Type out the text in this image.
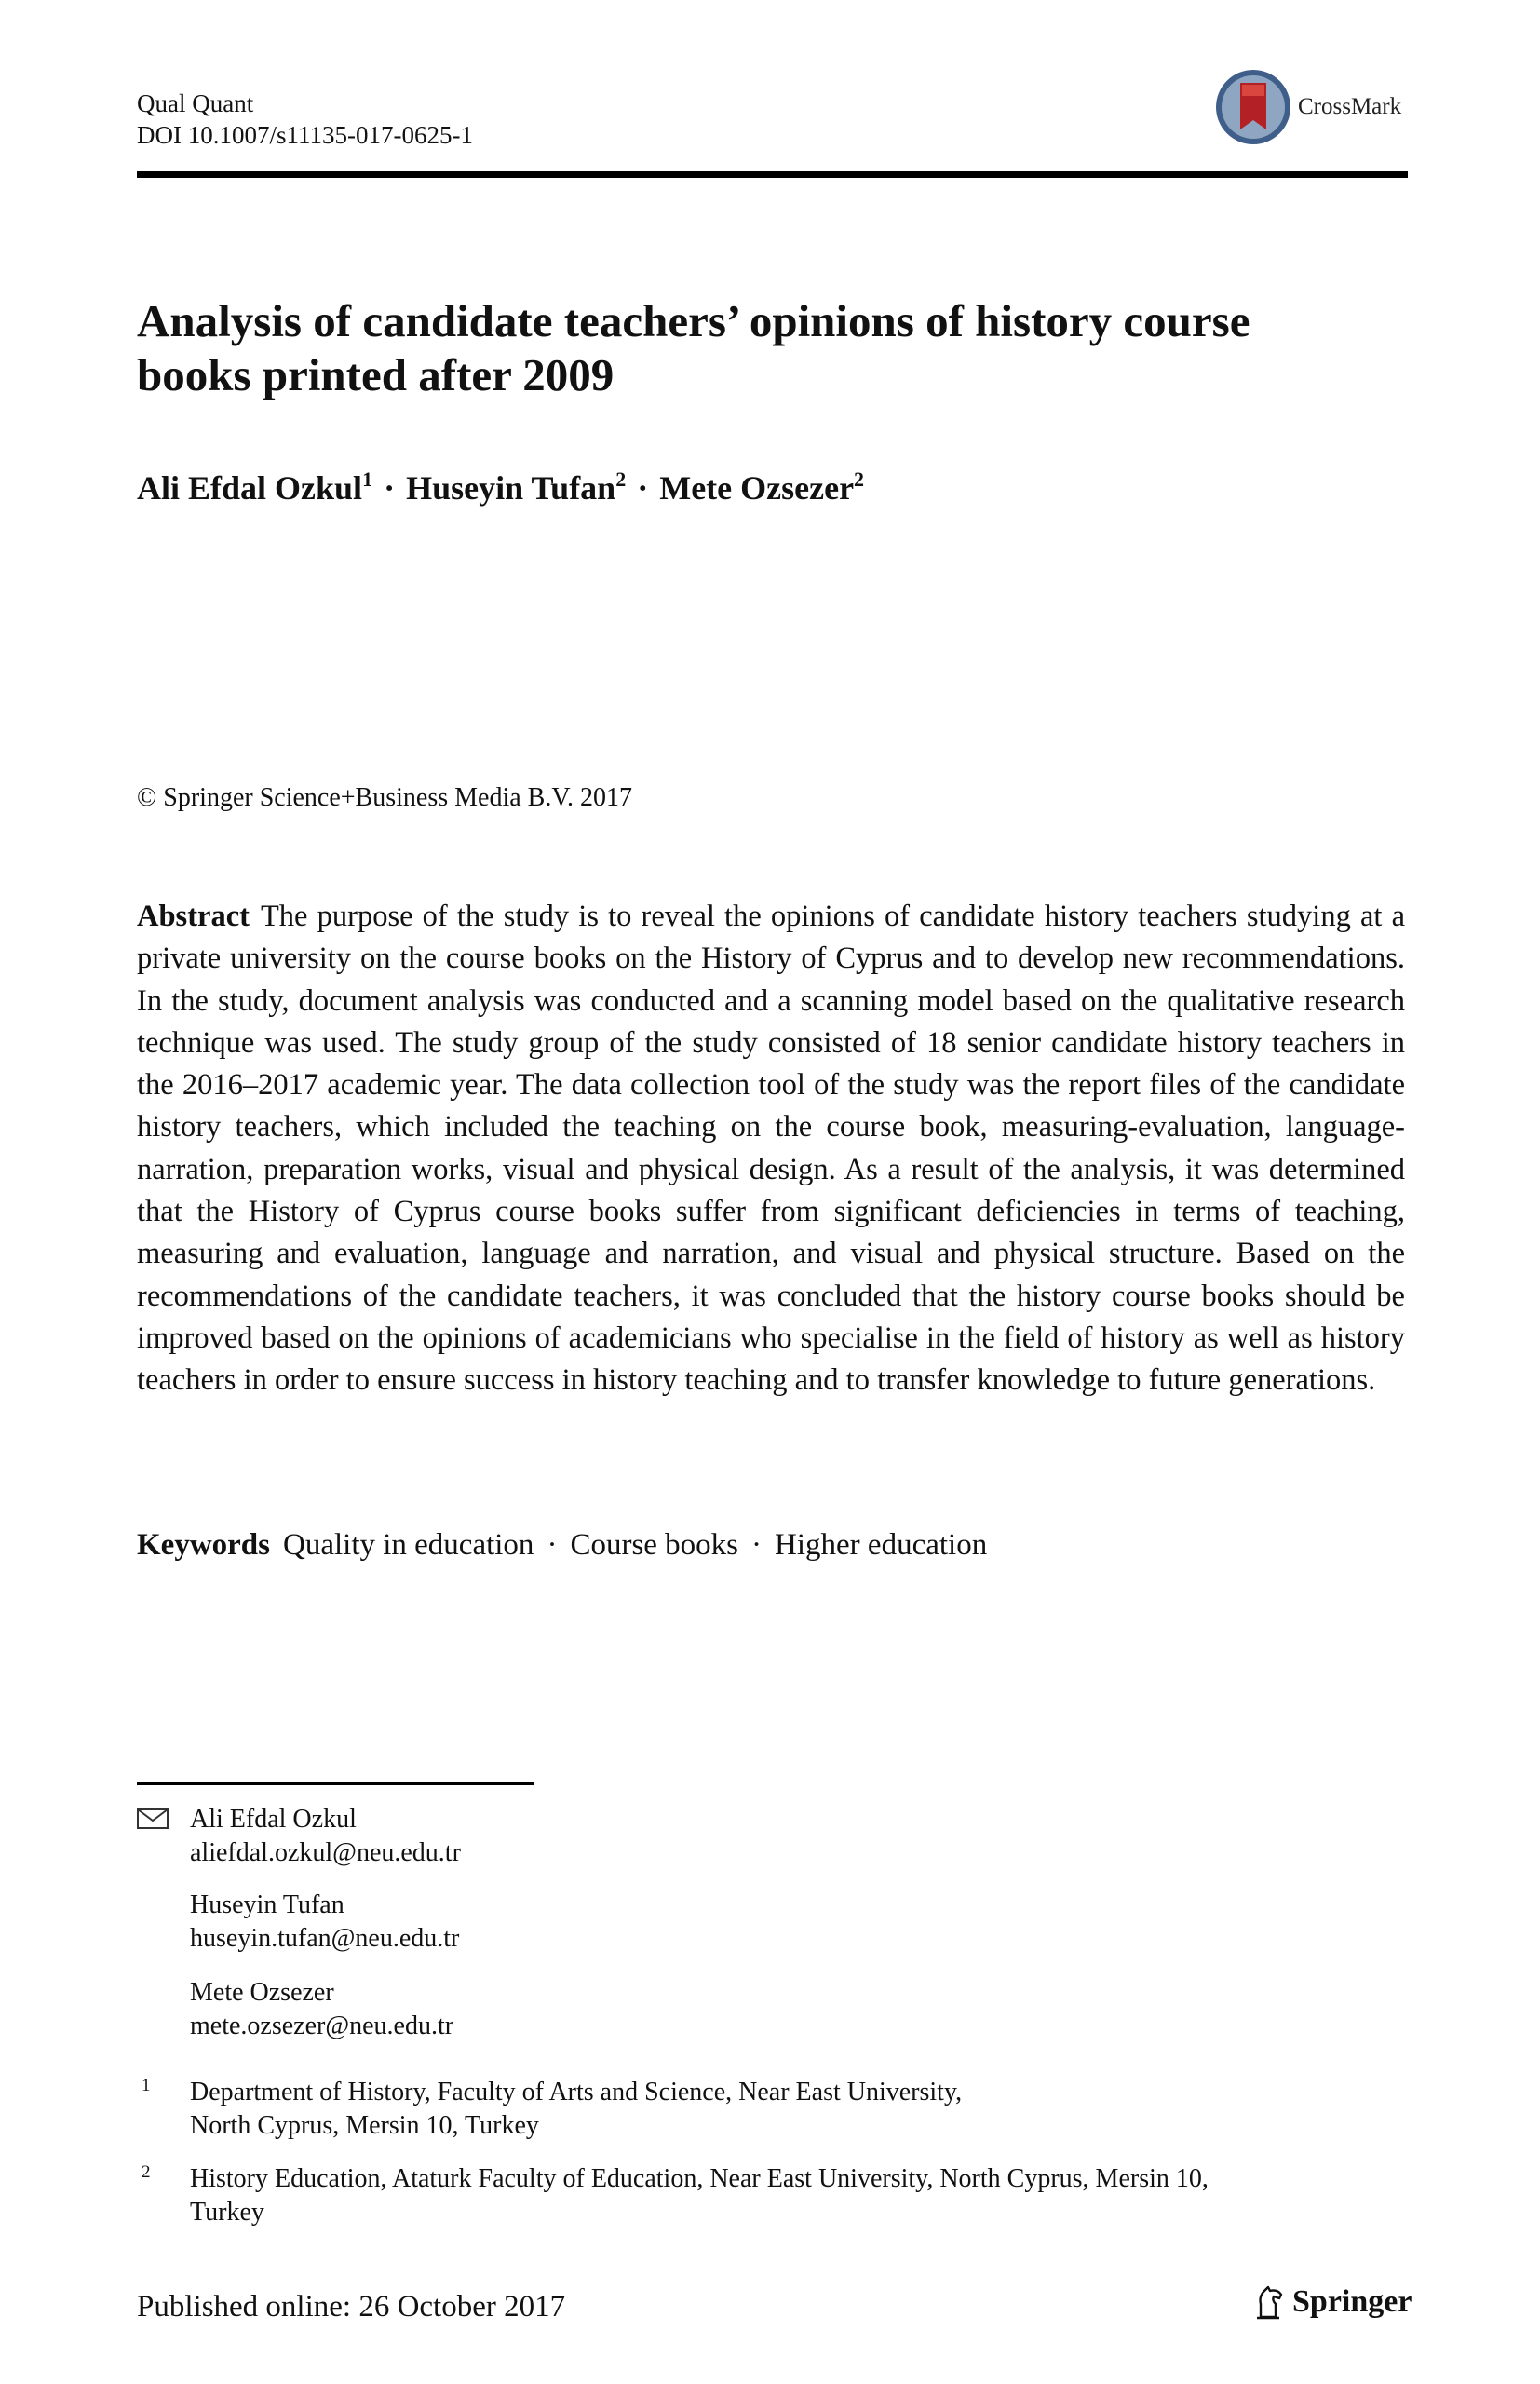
Qual Quant
DOI 10.1007/s11135-017-0625-1
CrossMark
Analysis of candidate teachers’ opinions of history course
books printed after 2009
Ali Efdal Ozkul$^1$ · Huseyin Tufan$^2$ · Mete Ozsezer$^2$
© Springer Science+Business Media B.V. 2017

Abstract The purpose of the study is to reveal the opinions of candidate history teachers studying at a private university on the course books on the History of Cyprus and to develop new recommendations. In the study, document analysis was conducted and a scanning model based on the qualitative research technique was used. The study group of the study consisted of 18 senior candidate history teachers in the 2016–2017 academic year. The data collection tool of the study was the report files of the candidate history teachers, which included the teaching on the course book, measuring-evaluation, language-narration, preparation works, visual and physical design. As a result of the analysis, it was determined that the History of Cyprus course books suffer from significant deficiencies in terms of teaching, measuring and evaluation, language and narration, and visual and physical structure. Based on the recommendations of the candidate teachers, it was concluded that the history course books should be improved based on the opinions of academicians who specialise in the field of history as well as history teachers in order to ensure success in history teaching and to transfer knowledge to future generations.

Keywords Quality in education · Course books · Higher education
Ali Efdal Ozkul
aliefdal.ozkul@neu.edu.tr
Huseyin Tufan
huseyin.tufan@neu.edu.tr
Mete Ozsezer
mete.ozsezer@neu.edu.tr
1 Department of History, Faculty of Arts and Science, Near East University,
North Cyprus, Mersin 10, Turkey
2 History Education, Ataturk Faculty of Education, Near East University, North Cyprus, Mersin 10,
Turkey
Published online: 26 October 2017	Springer
